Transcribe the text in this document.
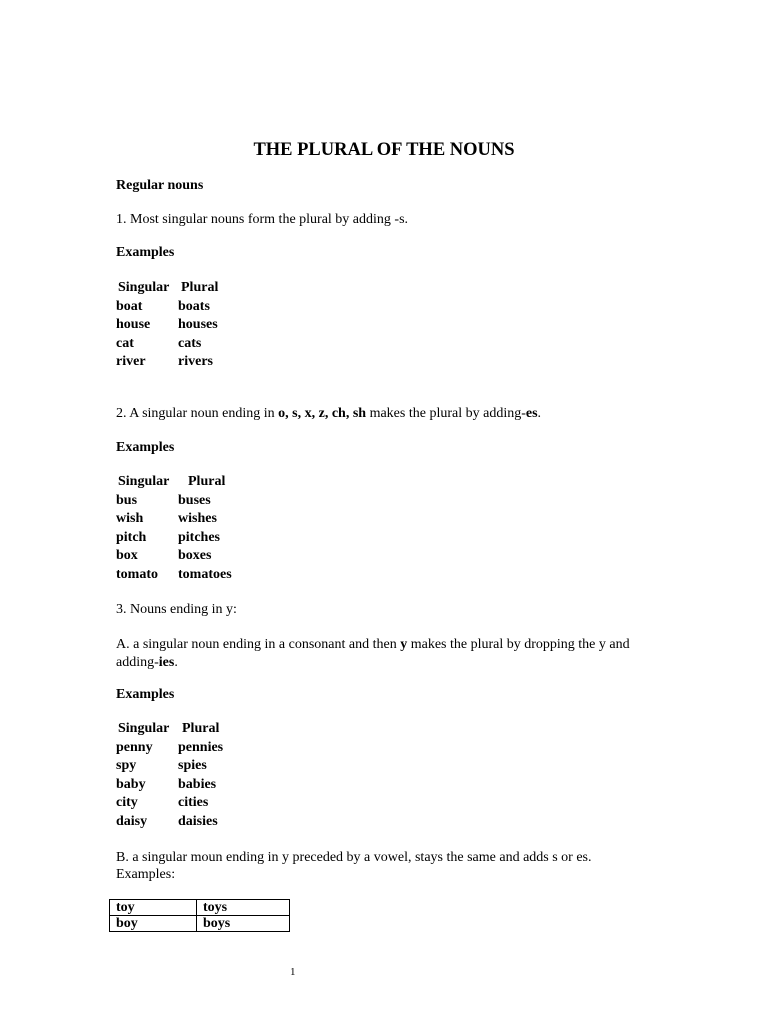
THE PLURAL OF THE NOUNS
Regular nouns
1. Most singular nouns form the plural by adding -s.
Examples
Singular Plural
boat	boats
house houses
cat	cats
river rivers
2. A singular noun ending in o, s, x, z, ch, sh makes the plural by adding-es.
Examples
Singular Plural
bus	buses
wish wishes
pitch pitches
box	boxes
tomato tomatoes
3. Nouns ending in y:
A. a singular noun ending in a consonant and then y makes the plural by dropping the y and adding-ies.
Examples
Singular Plural
penny pennies
spy	spies
baby babies
city	cities
daisy daisies
B. a singular moun ending in y preceded by a vowel, stays the same and adds s or es.
Examples:
toy	toys
boy	boys
1
